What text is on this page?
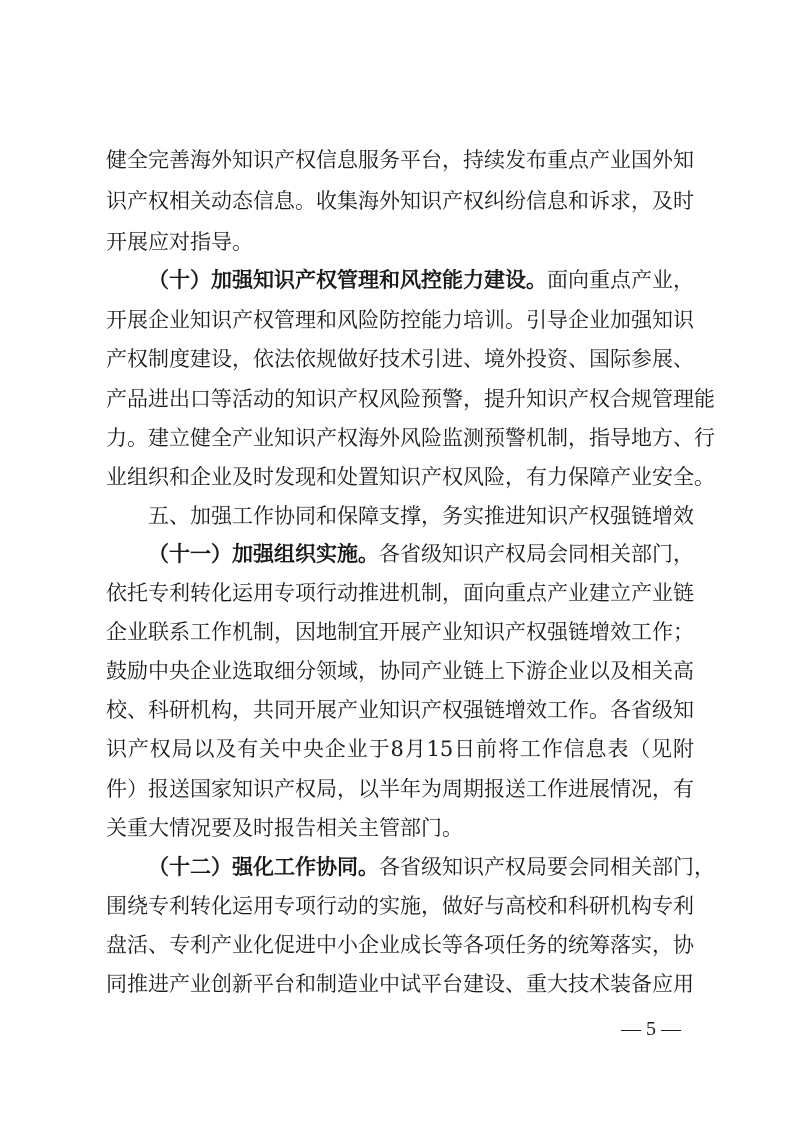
健全完善海外知识产权信息服务平台，持续发布重点产业国外知
识产权相关动态信息。收集海外知识产权纠纷信息和诉求，及时
开展应对指导。
（十）加强知识产权管理和风控能力建设。面向重点产业，
开展企业知识产权管理和风险防控能力培训。引导企业加强知识
产权制度建设，依法依规做好技术引进、境外投资、国际参展、
产品进出口等活动的知识产权风险预警，提升知识产权合规管理能
力。建立健全产业知识产权海外风险监测预警机制，指导地方、行
业组织和企业及时发现和处置知识产权风险，有力保障产业安全。
五、加强工作协同和保障支撑，务实推进知识产权强链增效
（十一）加强组织实施。各省级知识产权局会同相关部门，
依托专利转化运用专项行动推进机制，面向重点产业建立产业链
企业联系工作机制，因地制宜开展产业知识产权强链增效工作；
鼓励中央企业选取细分领域，协同产业链上下游企业以及相关高
校、科研机构，共同开展产业知识产权强链增效工作。各省级知
识产权局以及有关中央企业于8月15日前将工作信息表（见附
件）报送国家知识产权局，以半年为周期报送工作进展情况，有
关重大情况要及时报告相关主管部门。
（十二）强化工作协同。各省级知识产权局要会同相关部门，
围绕专利转化运用专项行动的实施，做好与高校和科研机构专利
盘活、专利产业化促进中小企业成长等各项任务的统筹落实，协
同推进产业创新平台和制造业中试平台建设、重大技术装备应用
— 5 —
